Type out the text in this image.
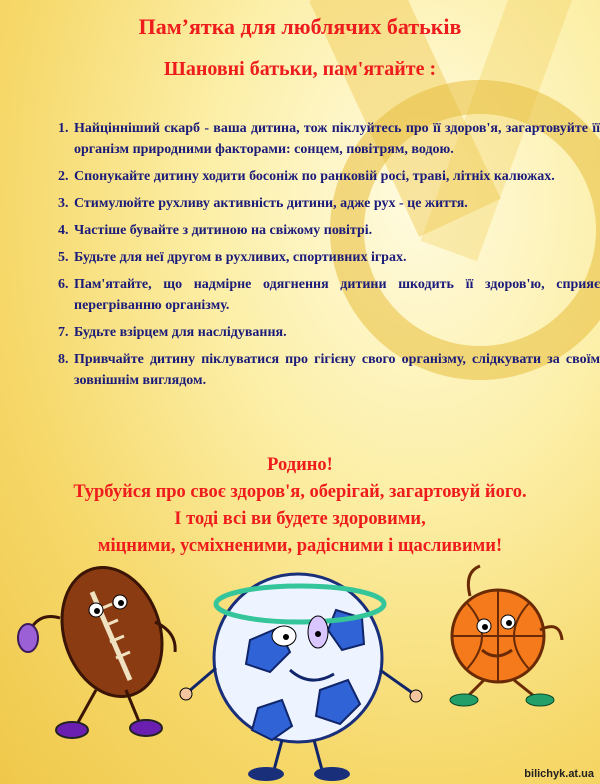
Пам’ятка для люблячих батьків
Шановні батьки, пам'ятайте :
1. Найцінніший скарб - ваша дитина, тож піклуйтесь про її здоров'я, загартовуйте її організм природними факторами: сонцем, повітрям, водою.
2. Спонукайте дитину ходити босоніж по ранковій росі, траві, літніх калюжах.
3. Стимулюйте рухливу активність дитини, адже рух - це життя.
4. Частіше бувайте з дитиною на свіжому повітрі.
5. Будьте для неї другом в рухливих, спортивних іграх.
6. Пам'ятайте, що надмірне одягнення дитини шкодить її здоров'ю, сприяє перегріванню організму.
7. Будьте взірцем для наслідування.
8. Привчайте дитину піклуватися про гігієну свого організму, слідкувати за своїм зовнішнім виглядом.
Родино!
Турбуйся про своє здоров'я, оберігай, загартовуй його.
І тоді всі ви будете здоровими,
міцними, усміхненими, радісними і щасливими!
bilichyk.at.ua
